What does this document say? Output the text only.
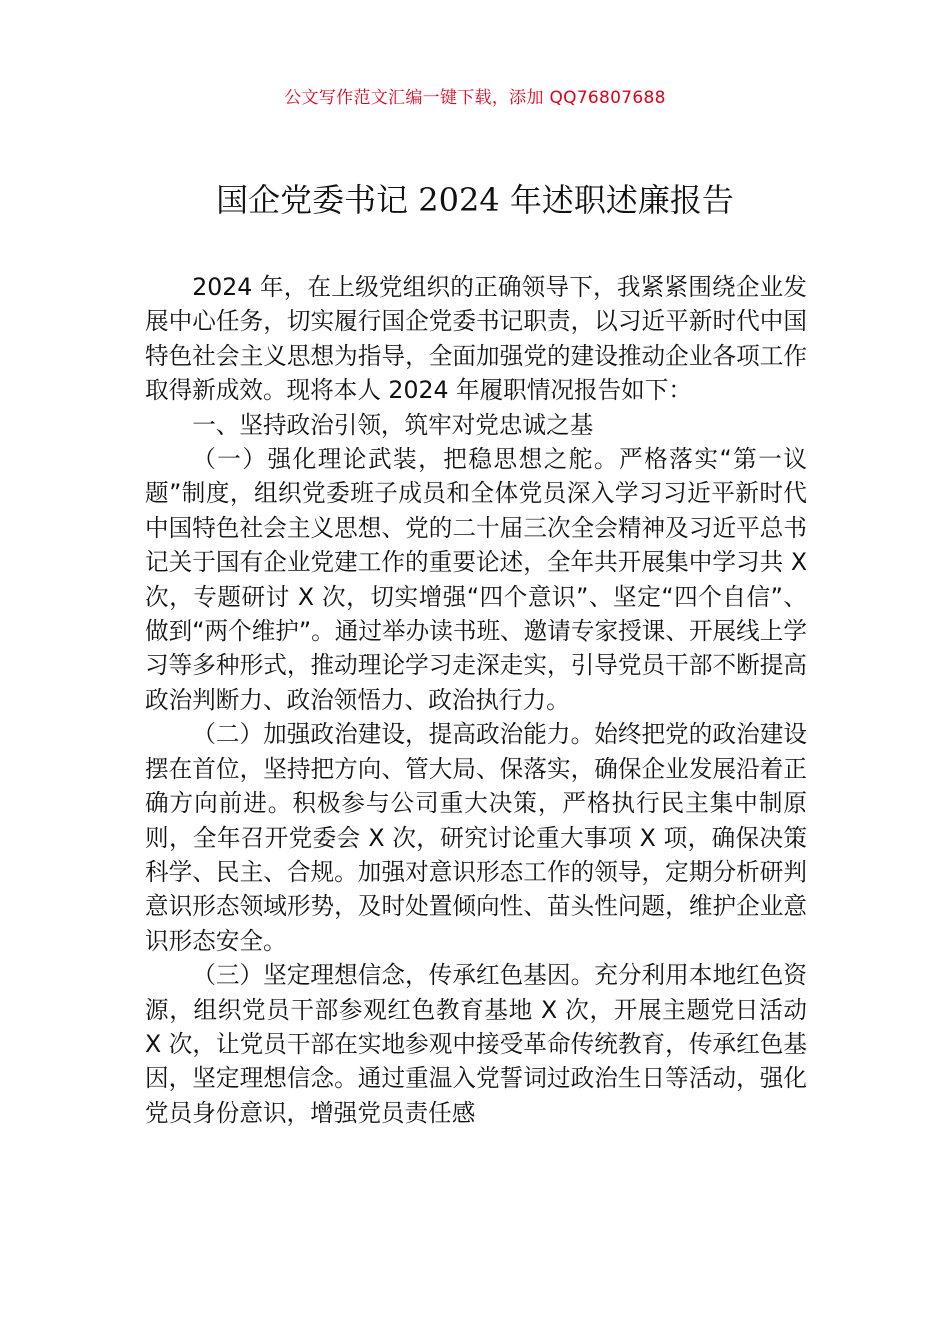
公文写作范文汇编一键下载，添加 QQ76807688
国企党委书记 2024 年述职述廉报告

2024 年，在上级党组织的正确领导下，我紧紧围绕企业发展中心任务，切实履行国企党委书记职责，以习近平新时代中国特色社会主义思想为指导，全面加强党的建设推动企业各项工作取得新成效。现将本人 2024 年履职情况报告如下：

一、坚持政治引领，筑牢对党忠诚之基

（一）强化理论武装，把稳思想之舵。严格落实“第一议题”制度，组织党委班子成员和全体党员深入学习习近平新时代中国特色社会主义思想、党的二十届三次全会精神及习近平总书记关于国有企业党建工作的重要论述，全年共开展集中学习共 X 次，专题研讨 X 次，切实增强“四个意识”、坚定“四个自信”、做到“两个维护”。通过举办读书班、邀请专家授课、开展线上学习等多种形式，推动理论学习走深走实，引导党员干部不断提高政治判断力、政治领悟力、政治执行力。

（二）加强政治建设，提高政治能力。始终把党的政治建设摆在首位，坚持把方向、管大局、保落实，确保企业发展沿着正确方向前进。积极参与公司重大决策，严格执行民主集中制原则，全年召开党委会 X 次，研究讨论重大事项 X 项，确保决策科学、民主、合规。加强对意识形态工作的领导，定期分析研判意识形态领域形势，及时处置倾向性、苗头性问题，维护企业意识形态安全。

（三）坚定理想信念，传承红色基因。充分利用本地红色资源，组织党员干部参观红色教育基地 X 次，开展主题党日活动 X 次，让党员干部在实地参观中接受革命传统教育，传承红色基因，坚定理想信念。通过重温入党誓词过政治生日等活动，强化党员身份意识，增强党员责任感
